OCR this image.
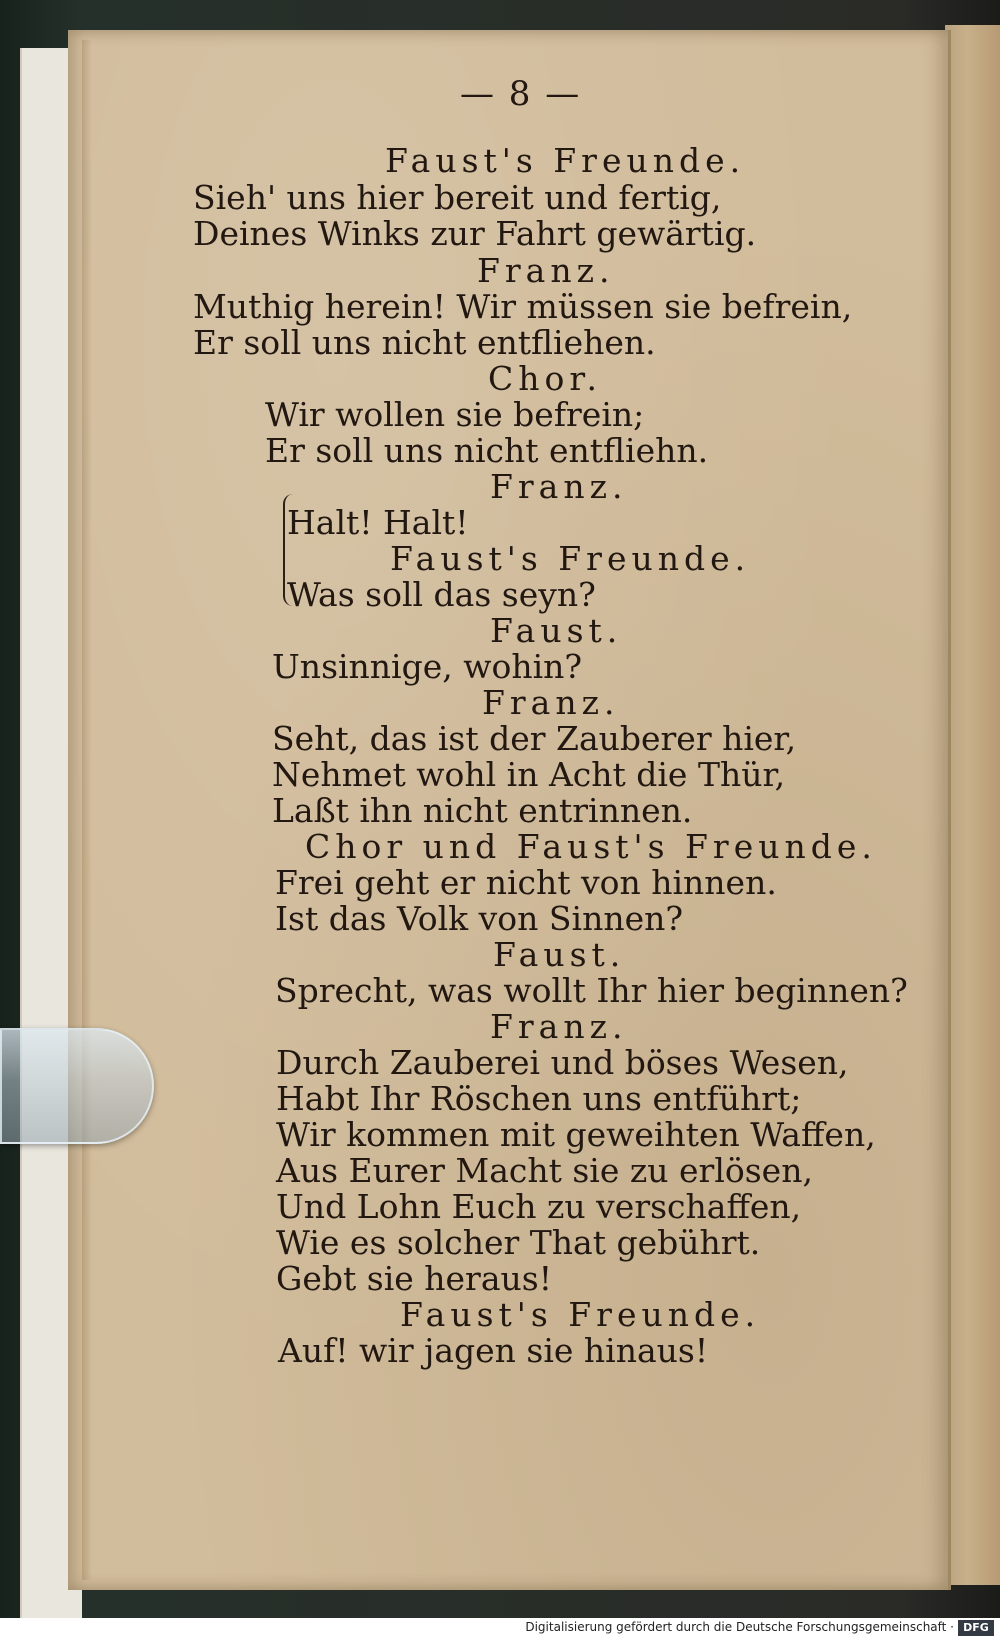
— 8 —
Faust's Freunde.
Sieh' uns hier bereit und fertig,
Deines Winks zur Fahrt gewärtig.
Franz.
Muthig herein! Wir müssen sie befrein,
Er soll uns nicht entfliehen.
Chor.
Wir wollen sie befrein;
Er soll uns nicht entfliehn.
Franz.
Halt! Halt!
Faust's Freunde.
Was soll das seyn?
Faust.
Unsinnige, wohin?
Franz.
Seht, das ist der Zauberer hier,
Nehmet wohl in Acht die Thür,
Laßt ihn nicht entrinnen.
Chor und Faust's Freunde.
Frei geht er nicht von hinnen.
Ist das Volk von Sinnen?
Faust.
Sprecht, was wollt Ihr hier beginnen?
Franz.
Durch Zauberei und böses Wesen,
Habt Ihr Röschen uns entführt;
Wir kommen mit geweihten Waffen,
Aus Eurer Macht sie zu erlösen,
Und Lohn Euch zu verschaffen,
Wie es solcher That gebührt.
Gebt sie heraus!
Faust's Freunde.
Auf! wir jagen sie hinaus!
Digitalisierung gefördert durch die Deutsche Forschungsgemeinschaft · DFG
